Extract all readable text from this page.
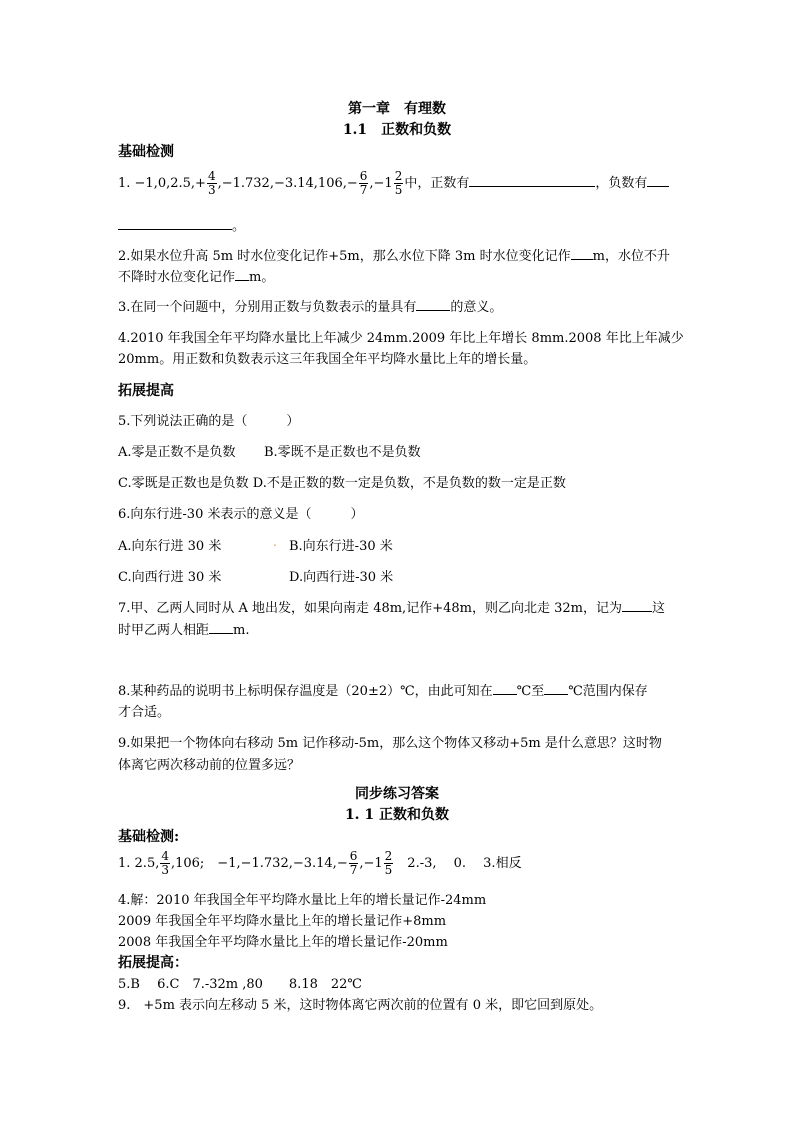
第一章　有理数
1.1　正数和负数
基础检测
1. $-1,0,2.5,+ \frac{4}{3} ,-1.732,-3.14,106,- \frac{6}{7} ,-1 \frac{2}{5}$ 中，正数有	，负数有
。
2.如果水位升高 5m 时水位变化记作+5m，那么水位下降 3m 时水位变化记作 m，水位不升
不降时水位变化记作 m。
3.在同一个问题中，分别用正数与负数表示的量具有	的意义。
4.2010 年我国全年平均降水量比上年减少 24mm.2009 年比上年增长 8mm.2008 年比上年减少
20mm。用正数和负数表示这三年我国全年平均降水量比上年的增长量。
拓展提高
5.下列说法正确的是（　　　）
A.零是正数不是负数 B.零既不是正数也不是负数
C.零既是正数也是负数 D.不是正数的数一定是负数，不是负数的数一定是正数
6.向东行进-30 米表示的意义是（　　　）
A.向东行进 30 米	. B.向东行进-30 米
C.向西行进 30 米	D.向西行进-30 米
7.甲、乙两人同时从 A 地出发，如果向南走 48m,记作+48m，则乙向北走 32m，记为 这
时甲乙两人相距 m.
8.某种药品的说明书上标明保存温度是（20±2）℃，由此可知在 ℃至 ℃范围内保存
才合适。
9.如果把一个物体向右移动 5m 记作移动-5m，那么这个物体又移动+5m 是什么意思？这时物
体离它两次移动前的位置多远？
同步练习答案
1. 1 正数和负数
基础检测:
1. 2.5, $\frac{4}{3} ,106$;　$-1,-1.732,-3.14,- \frac{6}{7} ,-1 \frac{2}{5}$ 　2.-3,　 0.　 3.相反
4.解：2010 年我国全年平均降水量比上年的增长量记作-24mm
2009 年我国全年平均降水量比上年的增长量记作+8mm
2008 年我国全年平均降水量比上年的增长量记作-20mm
拓展提高：
5.B　 6.C　7.-32m ,80　　8.18　22℃
9.　+5m 表示向左移动 5 米，这时物体离它两次前的位置有 0 米，即它回到原处。
